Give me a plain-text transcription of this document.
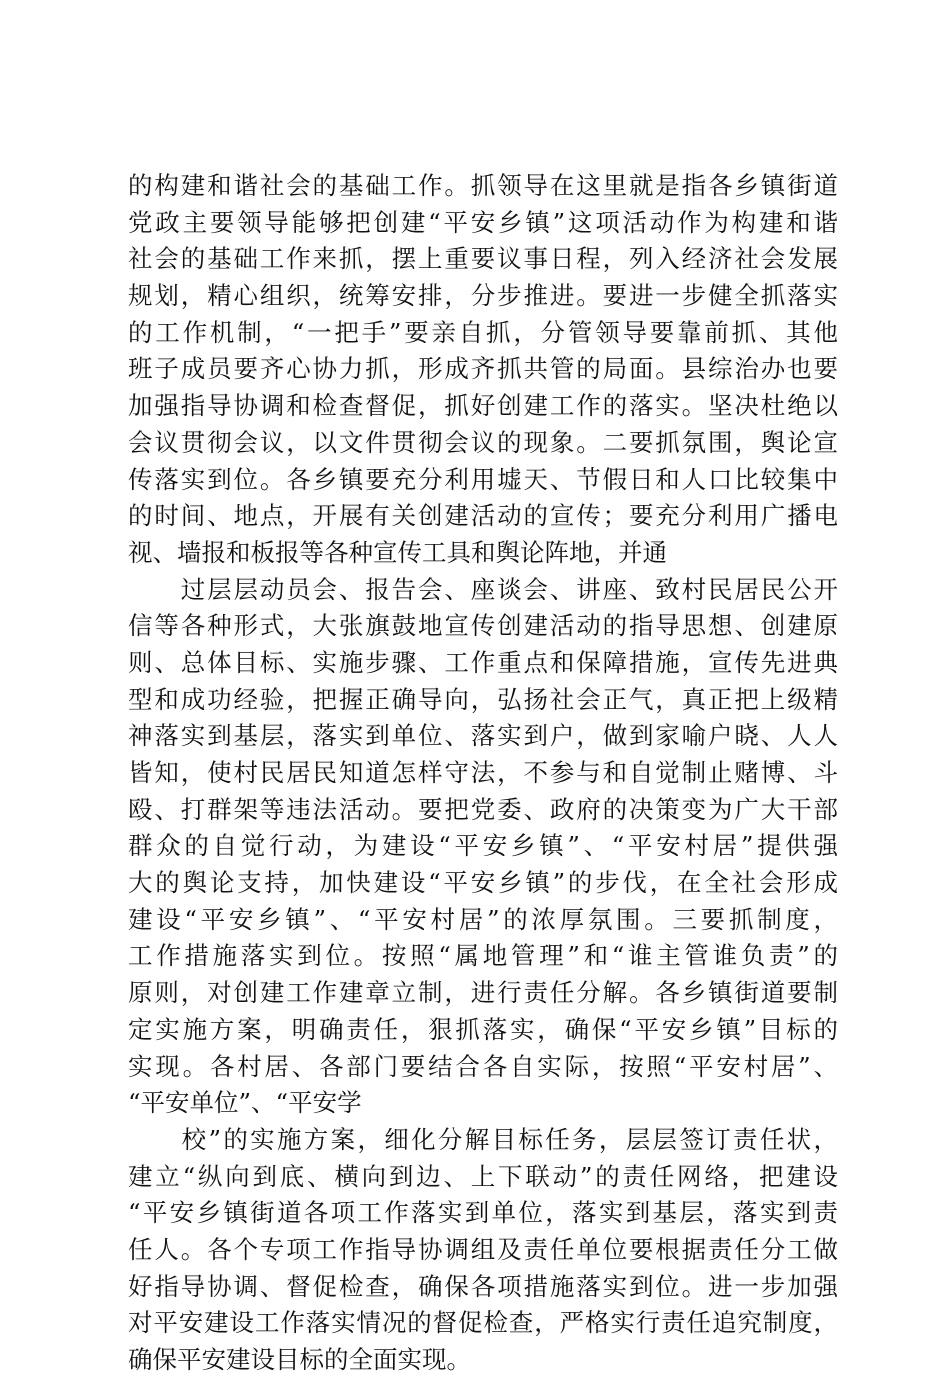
的构建和谐社会的基础工作。抓领导在这里就是指各乡镇街道
党政主要领导能够把创建“平安乡镇”这项活动作为构建和谐
社会的基础工作来抓，摆上重要议事日程，列入经济社会发展
规划，精心组织，统筹安排，分步推进。要进一步健全抓落实
的工作机制，“一把手”要亲自抓，分管领导要靠前抓、其他
班子成员要齐心协力抓，形成齐抓共管的局面。县综治办也要
加强指导协调和检查督促，抓好创建工作的落实。坚决杜绝以
会议贯彻会议，以文件贯彻会议的现象。二要抓氛围，舆论宣
传落实到位。各乡镇要充分利用墟天、节假日和人口比较集中
的时间、地点，开展有关创建活动的宣传；要充分利用广播电
视、墙报和板报等各种宣传工具和舆论阵地，并通
　　过层层动员会、报告会、座谈会、讲座、致村民居民公开
信等各种形式，大张旗鼓地宣传创建活动的指导思想、创建原
则、总体目标、实施步骤、工作重点和保障措施，宣传先进典
型和成功经验，把握正确导向，弘扬社会正气，真正把上级精
神落实到基层，落实到单位、落实到户，做到家喻户晓、人人
皆知，使村民居民知道怎样守法，不参与和自觉制止赌博、斗
殴、打群架等违法活动。要把党委、政府的决策变为广大干部
群众的自觉行动，为建设“平安乡镇”、“平安村居”提供强
大的舆论支持，加快建设“平安乡镇”的步伐，在全社会形成
建设“平安乡镇”、“平安村居”的浓厚氛围。三要抓制度，
工作措施落实到位。按照“属地管理”和“谁主管谁负责”的
原则，对创建工作建章立制，进行责任分解。各乡镇街道要制
定实施方案，明确责任，狠抓落实，确保“平安乡镇”目标的
实现。各村居、各部门要结合各自实际，按照“平安村居”、
“平安单位”、“平安学
　　校”的实施方案，细化分解目标任务，层层签订责任状，
建立“纵向到底、横向到边、上下联动”的责任网络，把建设
“平安乡镇街道各项工作落实到单位，落实到基层，落实到责
任人。各个专项工作指导协调组及责任单位要根据责任分工做
好指导协调、督促检查，确保各项措施落实到位。进一步加强
对平安建设工作落实情况的督促检查，严格实行责任追究制度，
确保平安建设目标的全面实现。
